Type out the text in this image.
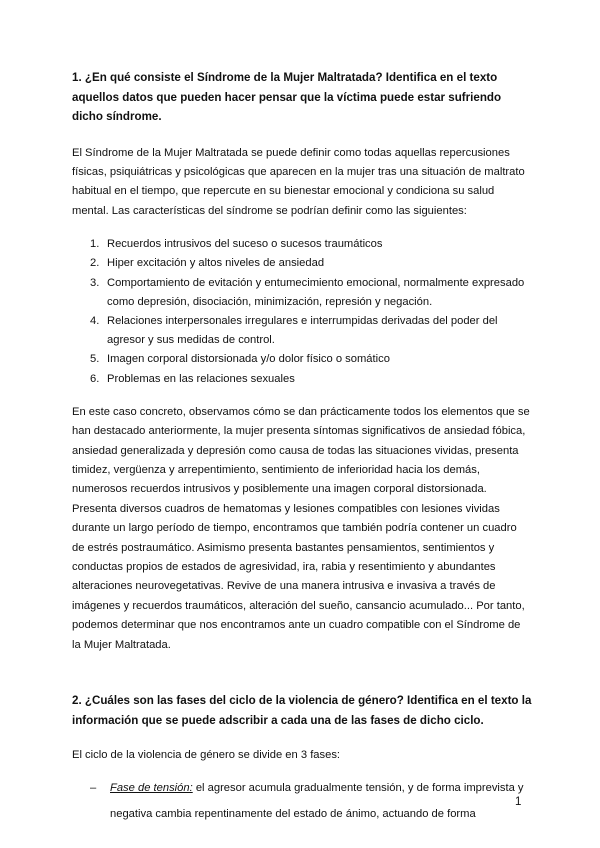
1. ¿En qué consiste el Síndrome de la Mujer Maltratada? Identifica en el texto aquellos datos que pueden hacer pensar que la víctima puede estar sufriendo dicho síndrome.

El Síndrome de la Mujer Maltratada se puede definir como todas aquellas repercusiones físicas, psiquiátricas y psicológicas que aparecen en la mujer tras una situación de maltrato habitual en el tiempo, que repercute en su bienestar emocional y condiciona su salud mental. Las características del síndrome se podrían definir como las siguientes:

1. Recuerdos intrusivos del suceso o sucesos traumáticos
2. Hiper excitación y altos niveles de ansiedad
3. Comportamiento de evitación y entumecimiento emocional, normalmente expresado como depresión, disociación, minimización, represión y negación.
4. Relaciones interpersonales irregulares e interrumpidas derivadas del poder del agresor y sus medidas de control.
5. Imagen corporal distorsionada y/o dolor físico o somático
6. Problemas en las relaciones sexuales

En este caso concreto, observamos cómo se dan prácticamente todos los elementos que se han destacado anteriormente, la mujer presenta síntomas significativos de ansiedad fóbica, ansiedad generalizada y depresión como causa de todas las situaciones vividas, presenta timidez, vergüenza y arrepentimiento, sentimiento de inferioridad hacia los demás, numerosos recuerdos intrusivos y posiblemente una imagen corporal distorsionada. Presenta diversos cuadros de hematomas y lesiones compatibles con lesiones vividas durante un largo período de tiempo, encontramos que también podría contener un cuadro de estrés postraumático. Asimismo presenta bastantes pensamientos, sentimientos y conductas propios de estados de agresividad, ira, rabia y resentimiento y abundantes alteraciones neurovegetativas. Revive de una manera intrusiva e invasiva a través de imágenes y recuerdos traumáticos, alteración del sueño, cansancio acumulado... Por tanto, podemos determinar que nos encontramos ante un cuadro compatible con el Síndrome de la Mujer Maltratada.

2. ¿Cuáles son las fases del ciclo de la violencia de género? Identifica en el texto la información que se puede adscribir a cada una de las fases de dicho ciclo.

El ciclo de la violencia de género se divide en 3 fases:

– Fase de tensión: el agresor acumula gradualmente tensión, y de forma imprevista y negativa cambia repentinamente del estado de ánimo, actuando de forma

1
